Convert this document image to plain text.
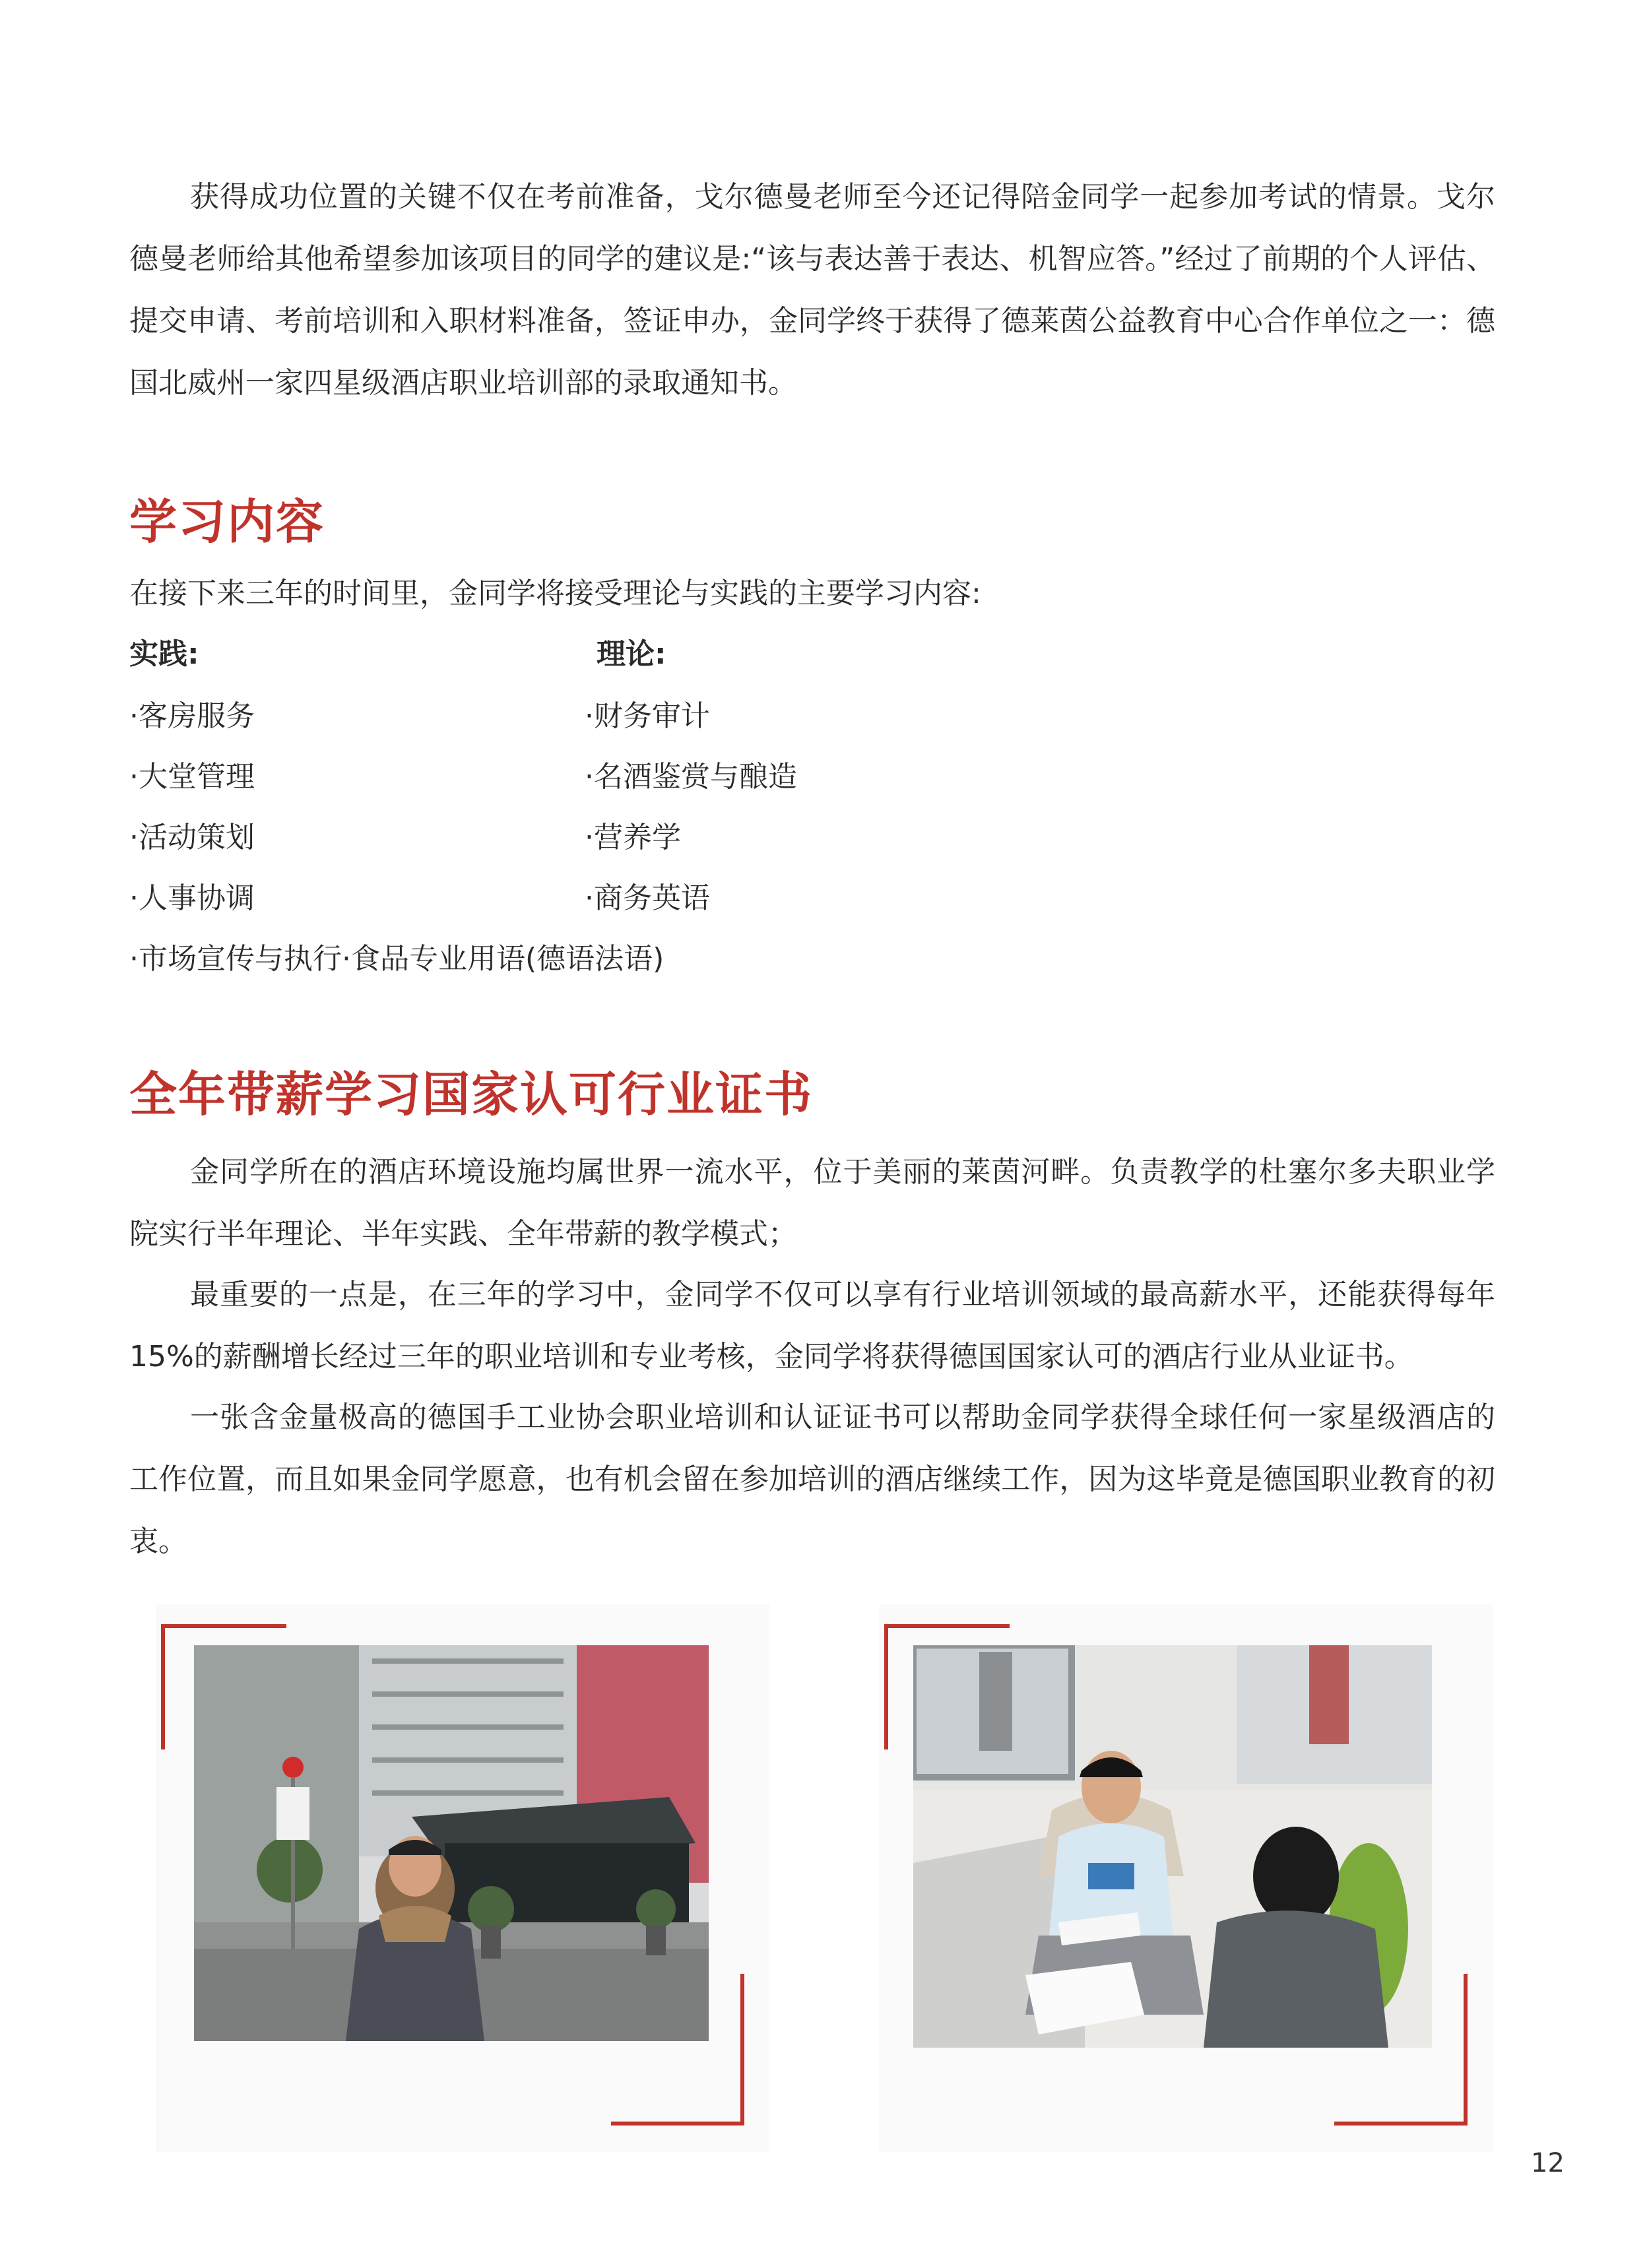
获得成功位置的关键不仅在考前准备，戈尔德曼老师至今还记得陪金同学一起参加考试的情景。戈尔德曼老师给其他希望参加该项目的同学的建议是:“该与表达善于表达、机智应答。”经过了前期的个人评估、提交申请、考前培训和入职材料准备，签证申办，金同学终于获得了德莱茵公益教育中心合作单位之一：德国北威州一家四星级酒店职业培训部的录取通知书。

学习内容
在接下来三年的时间里，金同学将接受理论与实践的主要学习内容:
实践:	理论:
·客房服务
·大堂管理
·活动策划
·人事协调
·财务审计
·名酒鉴赏与酿造
·营养学
·商务英语
·市场宣传与执行·食品专业用语(德语法语)
全年带薪学习国家认可行业证书

金同学所在的酒店环境设施均属世界一流水平，位于美丽的莱茵河畔。负责教学的杜塞尔多夫职业学院实行半年理论、半年实践、全年带薪的教学模式；

最重要的一点是，在三年的学习中，金同学不仅可以享有行业培训领域的最高薪水平，还能获得每年15%的薪酬增长经过三年的职业培训和专业考核，金同学将获得德国国家认可的酒店行业从业证书。

一张含金量极高的德国手工业协会职业培训和认证证书可以帮助金同学获得全球任何一家星级酒店的工作位置，而且如果金同学愿意，也有机会留在参加培训的酒店继续工作，因为这毕竟是德国职业教育的初衷。

12
